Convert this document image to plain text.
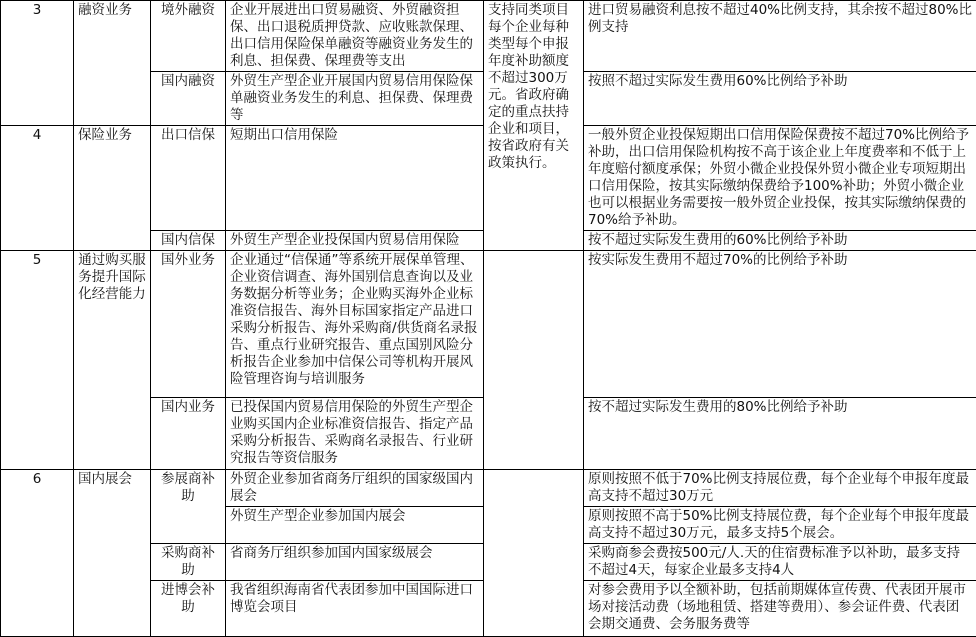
3	融资业务	境外融资	企业开展进出口贸易融资、外贸融资担保、出口退税质押贷款、应收账款保理、出口信用保险保单融资等融资业务发生的利息、担保费、保理费等支出	支持同类项目每个企业每种类型每个申报年度补助额度不超过300万元。省政府确定的重点扶持企业和项目，按省政府有关政策执行。	进口贸易融资利息按不超过40%比例支持，其余按不超过80%比例支持
		国内融资	外贸生产型企业开展国内贸易信用保险保单融资业务发生的利息、担保费、保理费等		按照不超过实际发生费用60%比例给予补助
4	保险业务	出口信保	短期出口信用保险		一般外贸企业投保短期出口信用保险保费按不超过70%比例给予补助，出口信用保险机构按不高于该企业上年度费率和不低于上年度赔付额度承保；外贸小微企业投保外贸小微企业专项短期出口信用保险，按其实际缴纳保费给予100%补助；外贸小微企业也可以根据业务需要按一般外贸企业投保，按其实际缴纳保费的70%给予补助。
		国内信保	外贸生产型企业投保国内贸易信用保险		按不超过实际发生费用的60%比例给予补助
5	通过购买服务提升国际化经营能力	国外业务	企业通过“信保通”等系统开展保单管理、企业资信调查、海外国别信息查询以及业务数据分析等业务；企业购买海外企业标准资信报告、海外目标国家指定产品进口采购分析报告、海外采购商/供货商名录报告、重点行业研究报告、重点国别风险分析报告企业参加中信保公司等机构开展风险管理咨询与培训服务		按实际发生费用不超过70%的比例给予补助
		国内业务	已投保国内贸易信用保险的外贸生产型企业购买国内企业标准资信报告、指定产品采购分析报告、采购商名录报告、行业研究报告等资信服务		按不超过实际发生费用的80%比例给予补助
6	国内展会	参展商补助	外贸企业参加省商务厅组织的国家级国内展会		原则按照不低于70%比例支持展位费，每个企业每个申报年度最高支持不超过30万元
			外贸生产型企业参加国内展会		原则按照不高于50%比例支持展位费，每个企业每个申报年度最高支持不超过30万元，最多支持5个展会。
		采购商补助	省商务厅组织参加国内国家级展会		采购商参会费按500元/人.天的住宿费标准予以补助，最多支持不超过4天，每家企业最多支持4人
		进博会补助	我省组织海南省代表团参加中国国际进口博览会项目		对参会费用予以全额补助，包括前期媒体宣传费、代表团开展市场对接活动费（场地租赁、搭建等费用）、参会证件费、代表团会期交通费、会务服务费等
